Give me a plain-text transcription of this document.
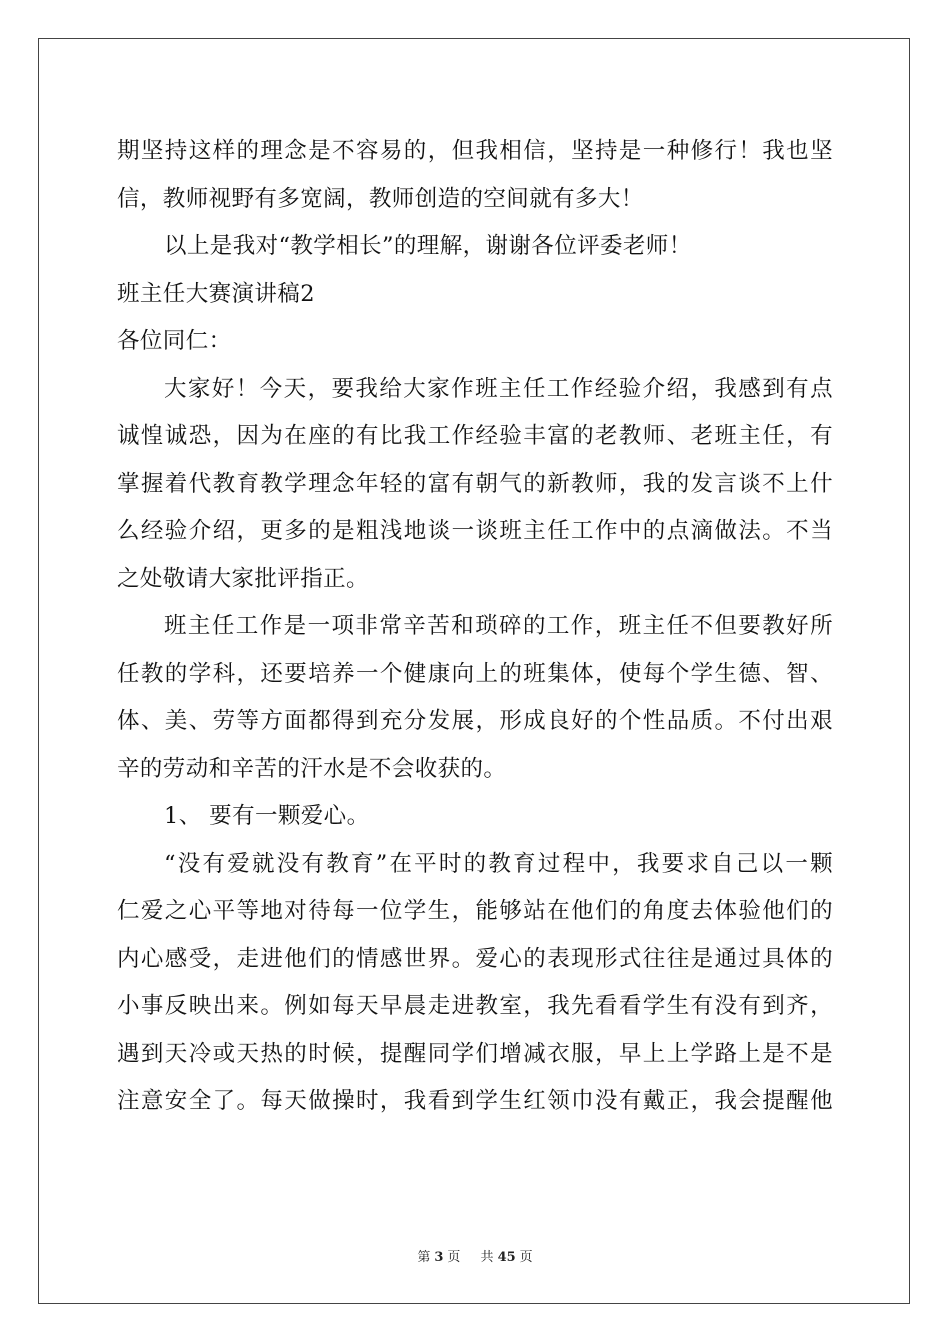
期坚持这样的理念是不容易的，但我相信，坚持是一种修行！我也坚
信，教师视野有多宽阔，教师创造的空间就有多大！
以上是我对“教学相长”的理解，谢谢各位评委老师！
班主任大赛演讲稿2
各位同仁：
大家好！今天，要我给大家作班主任工作经验介绍，我感到有点
诚惶诚恐，因为在座的有比我工作经验丰富的老教师、老班主任，有
掌握着代教育教学理念年轻的富有朝气的新教师，我的发言谈不上什
么经验介绍，更多的是粗浅地谈一谈班主任工作中的点滴做法。不当
之处敬请大家批评指正。
班主任工作是一项非常辛苦和琐碎的工作，班主任不但要教好所
任教的学科，还要培养一个健康向上的班集体，使每个学生德、智、
体、美、劳等方面都得到充分发展，形成良好的个性品质。不付出艰
辛的劳动和辛苦的汗水是不会收获的。
1、 要有一颗爱心。
“没有爱就没有教育”在平时的教育过程中，我要求自己以一颗
仁爱之心平等地对待每一位学生，能够站在他们的角度去体验他们的
内心感受，走进他们的情感世界。爱心的表现形式往往是通过具体的
小事反映出来。例如每天早晨走进教室，我先看看学生有没有到齐，
遇到天冷或天热的时候，提醒同学们增减衣服，早上上学路上是不是
注意安全了。每天做操时，我看到学生红领巾没有戴正，我会提醒他
第 3 页 共 45 页
